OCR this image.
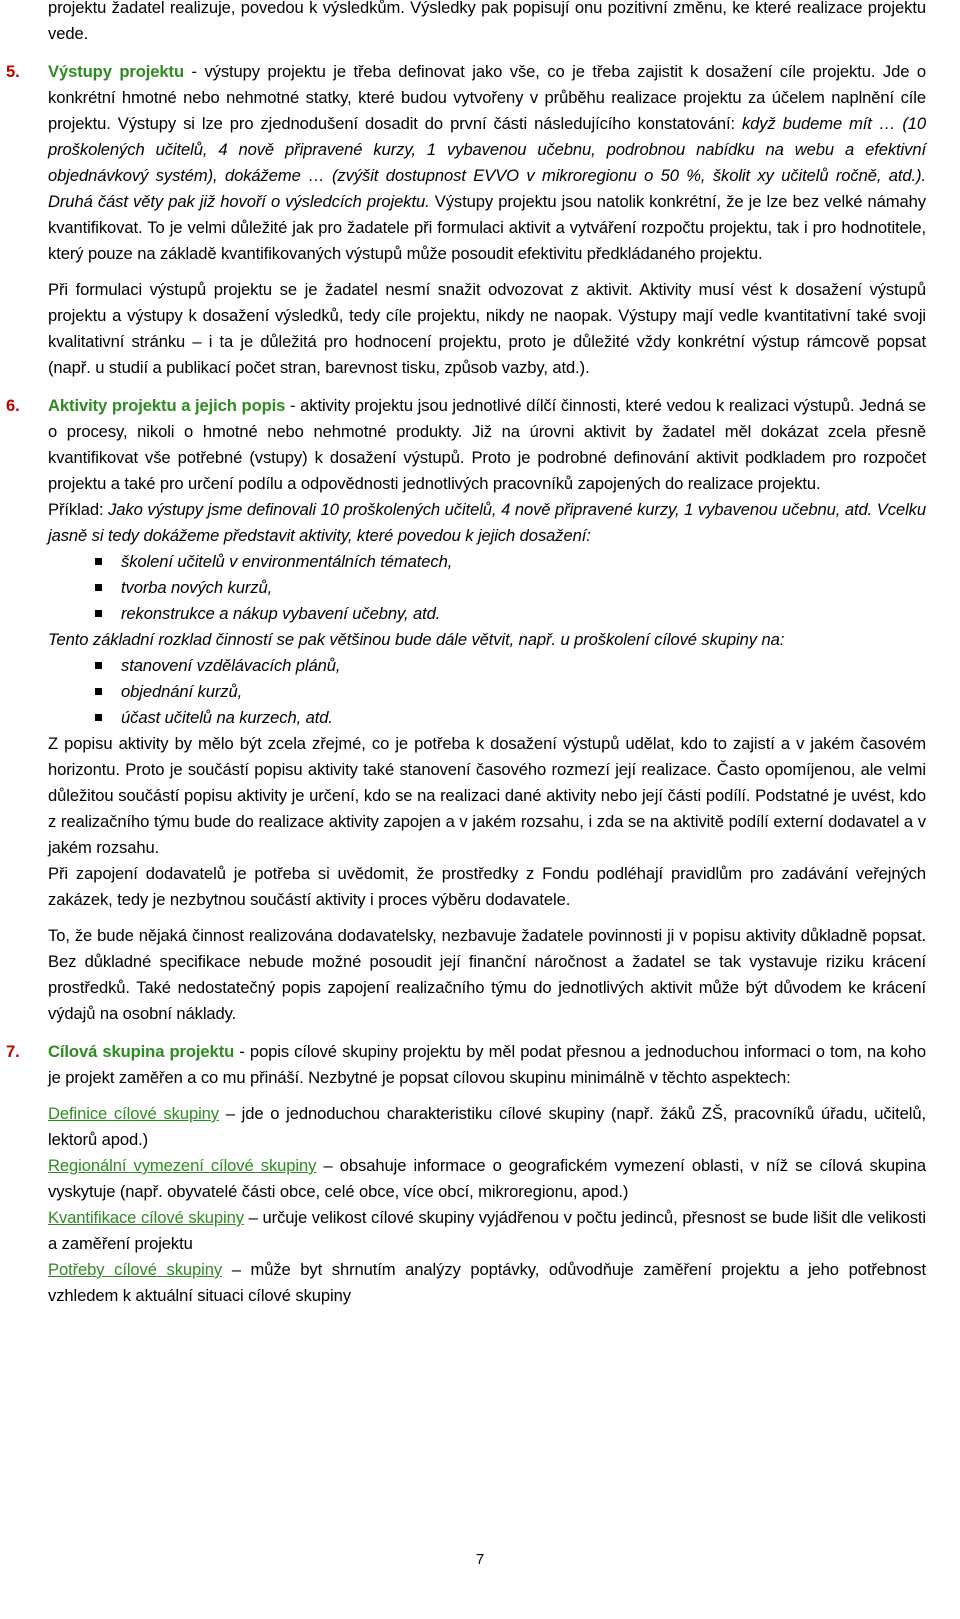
projektu žadatel realizuje, povedou k výsledkům. Výsledky pak popisují onu pozitivní změnu, ke které realizace projektu vede.

5. Výstupy projektu - výstupy projektu je třeba definovat jako vše, co je třeba zajistit k dosažení cíle projektu. Jde o konkrétní hmotné nebo nehmotné statky, které budou vytvořeny v průběhu realizace projektu za účelem naplnění cíle projektu. Výstupy si lze pro zjednodušení dosadit do první části následujícího konstatování: když budeme mít … (10 proškolených učitelů, 4 nově připravené kurzy, 1 vybavenou učebnu, podrobnou nabídku na webu a efektivní objednávkový systém), dokážeme … (zvýšit dostupnost EVVO v mikroregionu o 50 %, školit xy učitelů ročně, atd.). Druhá část věty pak již hovoří o výsledcích projektu. Výstupy projektu jsou natolik konkrétní, že je lze bez velké námahy kvantifikovat. To je velmi důležité jak pro žadatele při formulaci aktivit a vytváření rozpočtu projektu, tak i pro hodnotitele, který pouze na základě kvantifikovaných výstupů může posoudit efektivitu předkládaného projektu.

Při formulaci výstupů projektu se je žadatel nesmí snažit odvozovat z aktivit. Aktivity musí vést k dosažení výstupů projektu a výstupy k dosažení výsledků, tedy cíle projektu, nikdy ne naopak. Výstupy mají vedle kvantitativní také svoji kvalitativní stránku – i ta je důležitá pro hodnocení projektu, proto je důležité vždy konkrétní výstup rámcově popsat (např. u studií a publikací počet stran, barevnost tisku, způsob vazby, atd.).

6. Aktivity projektu a jejich popis - aktivity projektu jsou jednotlivé dílčí činnosti, které vedou k realizaci výstupů. Jedná se o procesy, nikoli o hmotné nebo nehmotné produkty. Již na úrovni aktivit by žadatel měl dokázat zcela přesně kvantifikovat vše potřebné (vstupy) k dosažení výstupů. Proto je podrobné definování aktivit podkladem pro rozpočet projektu a také pro určení podílu a odpovědnosti jednotlivých pracovníků zapojených do realizace projektu.

Příklad: Jako výstupy jsme definovali 10 proškolených učitelů, 4 nově připravené kurzy, 1 vybavenou učebnu, atd. Vcelku jasně si tedy dokážeme představit aktivity, které povedou k jejich dosažení:

školení učitelů v environmentálních tématech,
tvorba nových kurzů,
rekonstrukce a nákup vybavení učebny, atd.

Tento základní rozklad činností se pak většinou bude dále větvit, např. u proškolení cílové skupiny na:

stanovení vzdělávacích plánů,
objednání kurzů,
účast učitelů na kurzech, atd.

Z popisu aktivity by mělo být zcela zřejmé, co je potřeba k dosažení výstupů udělat, kdo to zajistí a v jakém časovém horizontu. Proto je součástí popisu aktivity také stanovení časového rozmezí její realizace. Často opomíjenou, ale velmi důležitou součástí popisu aktivity je určení, kdo se na realizaci dané aktivity nebo její části podílí. Podstatné je uvést, kdo z realizačního týmu bude do realizace aktivity zapojen a v jakém rozsahu, i zda se na aktivitě podílí externí dodavatel a v jakém rozsahu.

Při zapojení dodavatelů je potřeba si uvědomit, že prostředky z Fondu podléhají pravidlům pro zadávání veřejných zakázek, tedy je nezbytnou součástí aktivity i proces výběru dodavatele.

To, že bude nějaká činnost realizována dodavatelsky, nezbavuje žadatele povinnosti ji v popisu aktivity důkladně popsat. Bez důkladné specifikace nebude možné posoudit její finanční náročnost a žadatel se tak vystavuje riziku krácení prostředků. Také nedostatečný popis zapojení realizačního týmu do jednotlivých aktivit může být důvodem ke krácení výdajů na osobní náklady.

7. Cílová skupina projektu - popis cílové skupiny projektu by měl podat přesnou a jednoduchou informaci o tom, na koho je projekt zaměřen a co mu přináší. Nezbytné je popsat cílovou skupinu minimálně v těchto aspektech:

Definice cílové skupiny – jde o jednoduchou charakteristiku cílové skupiny (např. žáků ZŠ, pracovníků úřadu, učitelů, lektorů apod.)

Regionální vymezení cílové skupiny – obsahuje informace o geografickém vymezení oblasti, v níž se cílová skupina vyskytuje (např. obyvatelé části obce, celé obce, více obcí, mikroregionu, apod.)

Kvantifikace cílové skupiny – určuje velikost cílové skupiny vyjádřenou v počtu jedinců, přesnost se bude lišit dle velikosti a zaměření projektu

Potřeby cílové skupiny – může byt shrnutím analýzy poptávky, odůvodňuje zaměření projektu a jeho potřebnost vzhledem k aktuální situaci cílové skupiny

7
